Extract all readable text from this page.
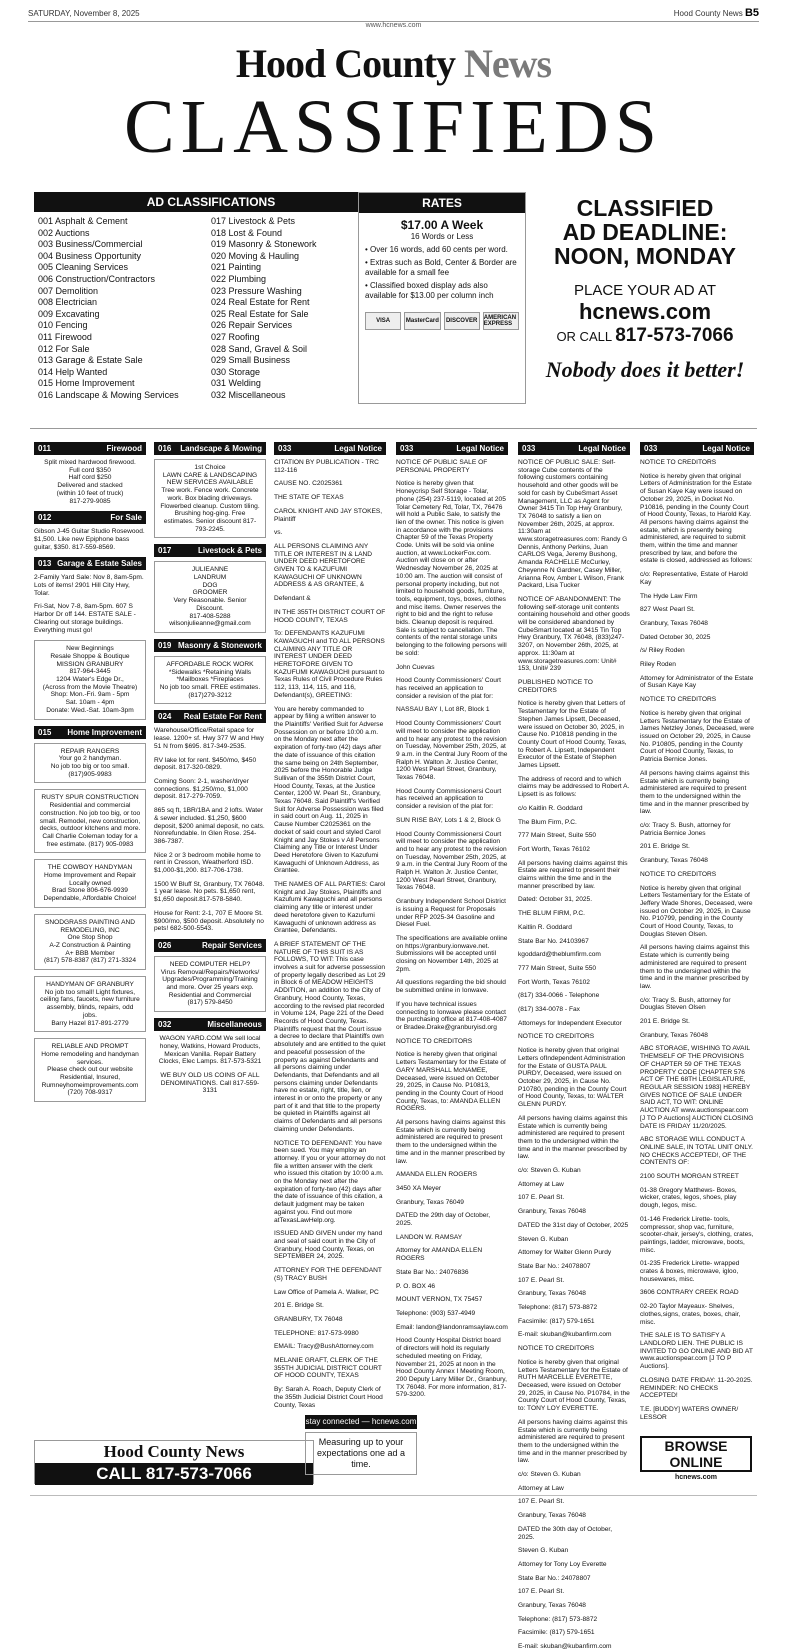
SATURDAY, November 8, 2025	Hood County News B5
www.hcnews.com
Hood County News
CLASSIFIEDS
AD CLASSIFICATIONS
001 Asphalt & Cement
002 Auctions
003 Business/Commercial
004 Business Opportunity
005 Cleaning Services
006 Construction/Contractors
007 Demolition
008 Electrician
009 Excavating
010 Fencing
011 Firewood
012 For Sale
013 Garage & Estate Sale
014 Help Wanted
015 Home Improvement
016 Landscape & Mowing Services
017 Livestock & Pets
018 Lost & Found
019 Masonry & Stonework
020 Moving & Hauling
021 Painting
022 Plumbing
023 Pressure Washing
024 Real Estate for Rent
025 Real Estate for Sale
026 Repair Services
027 Roofing
028 Sand, Gravel & Soil
029 Small Business
030 Storage
031 Welding
032 Miscellaneous
RATES
$17.00 A Week
16 Words or Less
• Over 16 words, add 60 cents per word.
• Extras such as Bold, Center & Border are available for a small fee
• Classified boxed display ads also available for $13.00 per column inch
VISA	MasterCard	DISCOVER	AMERICAN EXPRESS
CLASSIFIED
AD DEADLINE:
NOON, MONDAY
PLACE YOUR AD AT
hcnews.com
OR CALL 817-573-7066
Nobody does it better!
011	Firewood
Split mixed hardwood firewood.
Full cord $350
Half cord $250
Delivered and stacked
(within 10 feet of truck)
817-279-9085
012	For Sale
Gibson J-45 Guitar Studio Rosewood. $1,500. Like new Epiphone bass guitar, $350. 817-559-8569.
013 Garage & Estate Sales
2-Family Yard Sale: Nov 8, 8am-5pm. Lots of items! 2901 Hill City Hwy, Tolar.
Fri-Sat, Nov 7-8, 8am-5pm. 607 S Harbor Dr off 144. ESTATE SALE - Clearing out storage buildings. Everything must go!
New Beginnings
Resale Shoppe & Boutique
MISSION GRANBURY
817-964-3445
1204 Water's Edge Dr.,
(Across from the Movie Theatre)
Shop: Mon.-Fri. 9am - 5pm
Sat. 10am - 4pm
Donate: Wed.-Sat. 10am-3pm
015 Home Improvement
REPAIR RANGERS
Your go 2 handyman.
No job too big or too small.
(817)905-9983
RUSTY SPUR CONSTRUCTION
Residential and commercial construction. No job too big, or too small. Remodel, new construction, decks, outdoor kitchens and more. Call Charlie Coleman today for a free estimate. (817) 905-0983
THE COWBOY HANDYMAN
Home Improvement and Repair
Locally owned
Brad Stone 806-676-9939
Dependable, Affordable Choice!
SNODGRASS PAINTING AND REMODELING, INC
One Stop Shop
A-Z Construction & Painting
A+ BBB Member
(817) 578-8387 (817) 271-3324
HANDYMAN OF GRANBURY
No job too small! Light fixtures, ceiling fans, faucets, new furniture assembly, blinds, repairs, odd jobs.
Barry Hazel 817-891-2779
RELIABLE AND PROMPT
Home remodeling and handyman services.
Please check out our website
Residential, Insured,
Rumneyhomeimprovements.com
(720) 708-9317
016 Landscape & Mowing
1st Choice
LAWN CARE & LANDSCAPING
NEW SERVICES AVAILABLE
Tree work. Fence work. Concrete work. Box blading driveways. Flowerbed cleanup. Custom tiling. Brushing hog-ging. Free estimates. Senior discount 817-793-2245.
017	Livestock & Pets
JULIEANNE
LANDRUM
DOG
GROOMER
Very Reasonable. Senior Discount.
817-408-5288
wilsonjulieanne@gmail.com
019 Masonry & Stonework
AFFORDABLE ROCK WORK
*Sidewalks *Retaining Walls
*Mailboxes *Fireplaces
No job too small. FREE estimates.
(817)279-3212
024 Real Estate For Rent
Warehouse/Office/Retail space for lease. 1200+ sf. Hwy 377 W and Hwy 51 N from $695. 817-349-2535.
RV lake lot for rent. $450/mo, $450 deposit. 817-320-0829.
Coming Soon: 2-1, washer/dryer connections. $1,250/mo, $1,000 deposit. 817-279-7059.
865 sq ft, 1BR/1BA and 2 lofts. Water & sewer included. $1,250, $600 deposit, $200 animal deposit, no cats. Nonrefundable. In Glen Rose. 254-386-7387.
Nice 2 or 3 bedroom mobile home to rent in Cresson, Weatherford ISD. $1,000-$1,200. 817-706-1738.
1500 W Bluff St, Granbury, TX 76048. 1 year lease. No pets. $1,650 rent, $1,650 deposit.817-578-5840.
House for Rent: 2-1, 707 E Moore St. $900/mo, $500 deposit. Absolutely no pets! 682-500-5543.
026	Repair Services
NEED COMPUTER HELP?
Virus Removal/Repairs/Networks/ Upgrades/Programming/Training and more. Over 25 years exp.
Residential and Commercial
(817) 579-8450
032	Miscellaneous
WAGON YARD.COM We sell local honey, Watkins, Howard Products, Mexican Vanilla. Repair Battery Clocks, Elec Lamps. 817-573-5321
WE BUY OLD US COINS OF ALL DENOMINATIONS. Call 817-559-3131
033	Legal Notice
CITATION BY PUBLICATION - TRC 112-116
CAUSE NO. C2025361
THE STATE OF TEXAS
CAROL KNIGHT AND JAY STOKES, Plaintiff
vs.
ALL PERSONS CLAIMING ANY TITLE OR INTEREST IN & LAND UNDER DEED HERETOFORE GIVEN TO & KAZUFUMI KAWAGUCHI OF UNKNOWN ADDRESS & AS GRANTEE, &
Defendant &
IN THE 355TH DISTRICT COURT OF HOOD COUNTY, TEXAS
To: DEFENDANTS KAZUFUMI KAWAGUCHI and TO ALL PERSONS CLAIMING ANY TITLE OR INTEREST UNDER DEED HERETOFORE GIVEN TO KAZUFUMI KAWAGUCHI pursuant to Texas Rules of Civil Procedure Rules 112, 113, 114, 115, and 116, Defendant(s), GREETING:
You are hereby commanded to appear by filing a written answer to the Plaintiffs' Verified Suit for Adverse Possession on or before 10:00 a.m. on the Monday next after the expiration of forty-two (42) days after the date of issuance of this citation the same being on 24th September, 2025 before the Honorable Judge Sullivan of the 355th District Court, Hood County, Texas, at the Justice Center, 1200 W. Pearl St., Granbury, Texas 76048. Said Plaintiff's Verified Suit for Adverse Possession was filed in said court on Aug. 11, 2025 in Cause Number C2025361 on the docket of said court and styled Carol Knight and Jay Stokes v All Persons Claiming any Title or Interest Under Deed Heretofore Given to Kazufumi Kawaguchi of Unknown Address, as Grantee.
THE NAMES OF ALL PARTIES: Carol Knight and Jay Stokes, Plaintiffs and Kazufumi Kawaguchi and all persons claiming any title or interest under deed heretofore given to Kazufumi Kawaguchi of unknown address as Grantee, Defendants.
A BRIEF STATEMENT OF THE NATURE OF THIS SUIT IS AS FOLLOWS, TO WIT: This case involves a suit for adverse possession of property legally described as Lot 29 in Block 6 of MEADOW HEIGHTS ADDITION, an addition to the City of Granbury, Hood County, Texas, according to the revised plat recorded in Volume 124, Page 221 of the Deed Records of Hood County, Texas. Plaintiffs request that the Court issue a decree to declare that Plaintiffs own absolutely and are entitled to the quiet and peaceful possession of the property as against Defendants and all persons claiming under Defendants, that Defendants and all persons claiming under Defendants have no estate, right, title, lien, or interest in or onto the property or any part of it and that title to the property be quieted in Plaintiffs against all claims of Defendants and all persons claiming under Defendants.
NOTICE TO DEFENDANT: You have been sued. You may employ an attorney. If you or your attorney do not file a written answer with the clerk who issued this citation by 10:00 a.m. on the Monday next after the expiration of forty-two (42) days after the date of issuance of this citation, a default judgment may be taken against you. Find out more atTexasLawHelp.org.
ISSUED AND GIVEN under my hand and seal of said court in the City of Granbury, Hood County, Texas, on SEPTEMBER 24, 2025.
ATTORNEY FOR THE DEFENDANT (S) TRACY BUSH
Law Office of Pamela A. Walker, PC
201 E. Bridge St.
GRANBURY, TX 76048
TELEPHONE: 817-573-9980
EMAIL: Tracy@BushAttorney.com
MELANIE GRAFT, CLERK OF THE 355TH JUDICIAL DISTRICT COURT OF HOOD COUNTY, TEXAS
By: Sarah A. Roach, Deputy Clerk of the 355th Judicial District Court Hood County, Texas
033	Legal Notice
NOTICE OF PUBLIC SALE OF PERSONAL PROPERTY
Notice is hereby given that Honeycrisp Self Storage - Tolar, phone (254) 237-5119, located at 205 Tolar Cemetery Rd, Tolar, TX, 76476 will hold a Public Sale, to satisfy the lien of the owner. This notice is given in accordance with the provisions Chapter 59 of the Texas Property Code. Units will be sold via online auction, at www.LockerFox.com. Auction will close on or after Wednesday November 26, 2025 at 10:00 am. The auction will consist of personal property including, but not limited to household goods, furniture, tools, equipment, toys, boxes, clothes and misc items. Owner reserves the right to bid and the right to refuse bids. Cleanup deposit is required. Sale is subject to cancellation. The contents of the rental storage units belonging to the following persons will be sold:
John Cuevas
Hood County Commissioners' Court has received an application to consider a revision of the plat for:
NASSAU BAY I, Lot 8R, Block 1
Hood County Commissioners' Court will meet to consider the application and to hear any protest to the revision on Tuesday, November 25th, 2025, at 9 a.m. in the Central Jury Room of the Ralph H. Walton Jr. Justice Center, 1200 West Pearl Street, Granbury, Texas 76048.
Hood County Commissionersi Court has received an application to consider a revision of the plat for:
SUN RISE BAY, Lots 1 & 2, Block G
Hood County Commissionersi Court will meet to consider the application and to hear any protest to the revision on Tuesday, November 25th, 2025, at 9 a.m. in the Central Jury Room of the Ralph H. Walton Jr. Justice Center, 1200 West Pearl Street, Granbury, Texas 76048.
Granbury Independent School District is issuing a Request for Proposals under RFP 2025-34 Gasoline and Diesel Fuel.
The specifications are available online on https://granbury.ionwave.net. Submissions will be accepted until closing on November 14th, 2025 at 2pm.
All questions regarding the bid should be submitted online in Ionwave.
If you have technical issues connecting to Ionwave please contact the purchasing office at 817-408-4087 or Bradee.Drake@granburyisd.org
NOTICE TO CREDITORS
Notice is hereby given that original Letters Testamentary for the Estate of GARY MARSHALL McNAMEE, Deceased, were issued on October 29, 2025, in Cause No. P10813, pending in the County Court of Hood County, Texas, to: AMANDA ELLEN ROGERS.
All persons having claims against this Estate which is currently being administered are required to present them to the undersigned within the time and in the manner prescribed by law.
AMANDA ELLEN ROGERS
3450 XA Meyer
Granbury, Texas 76049
DATED the 29th day of October, 2025.
LANDON W. RAMSAY
Attorney for AMANDA ELLEN ROGERS
State Bar No.: 24076836
P. O. BOX 46
MOUNT VERNON, TX 75457
Telephone: (903) 537-4949
Email: landon@landonramsaylaw.com
Hood County Hospital District board of directors will hold its regularly scheduled meeting on Friday, November 21, 2025 at noon in the Hood County Annex I Meeting Room, 200 Deputy Larry Miller Dr., Granbury, TX 76048. For more information, 817-579-3200.
033	Legal Notice
NOTICE OF PUBLIC SALE: Self-storage Cube contents of the following customers containing household and other goods will be sold for cash by CubeSmart Asset Management, LLC as Agent for Owner 3415 Tin Top Hwy Granbury, TX 76048 to satisfy a lien on November 26th, 2025, at approx. 11:30am at www.storagetreasures.com: Randy G Dennis, Anthony Perkins, Juan CARLOS Vega, Jeremy Bushong, Amanda RACHELLE McCurley, Cheyenne N Gardner, Casey Miller, Arianna Rov, Amber L Wilson, Frank Packard, Lisa Tucker
NOTICE OF ABANDONMENT: The following self-storage unit contents containing household and other goods will be considered abandoned by CubeSmart located at 3415 Tin Top Hwy Granbury, TX 76048, (833)247-3207, on November 26th, 2025, at approx. 11:30am at www.storagetreasures.com: Unit# 153, Unit# 239
PUBLISHED NOTICE TO CREDITORS
Notice is hereby given that Letters of Testamentary for the Estate of Stephen James Lipsett, Deceased, were issued on October 30, 2025, in Cause No. P10818 pending in the County Court of Hood County, Texas, to Robert A. Lipsett, Independent Executor of the Estate of Stephen James Lipsett.
The address of record and to which claims may be addressed to Robert A. Lipsett is as follows:
c/o Kaitlin R. Goddard
The Blum Firm, P.C.
777 Main Street, Suite 550
Fort Worth, Texas 76102
All persons having claims against this Estate are required to present their claims within the time and in the manner prescribed by law.
Dated: October 31, 2025.
THE BLUM FIRM, P.C.
Kaitlin R. Goddard
State Bar No. 24103967
kgoddard@theblumfirm.com
777 Main Street, Suite 550
Fort Worth, Texas 76102
(817) 334-0066 - Telephone
(817) 334-0078 - Fax
Attorneys for Independent Executor
NOTICE TO CREDITORS
Notice is hereby given that original Letters ofIndependent Administration for the Estate of GUSTA PAUL PURDY, Deceased, were issued on October 29, 2025, in Cause No. P10780, pending in the County Court of Hood County, Texas, to: WALTER GLENN PURDY.
All persons having claims against this Estate which is currently being administered are required to present them to the undersigned within the time and in the manner prescribed by law.
c/o: Steven G. Kuban
Attorney at Law
107 E. Pearl St.
Granbury, Texas 76048
DATED the 31st day of October, 2025
Steven G. Kuban
Attorney for Walter Glenn Purdy
State Bar No.: 24078807
107 E. Pearl St.
Granbury, Texas 76048
Telephone: (817) 573-8872
Facsimile: (817) 579-1651
E-mail: skuban@kubanfirm.com
NOTICE TO CREDITORS
Notice is hereby given that original Letters Testamentary for the Estate of RUTH MARCELLE EVERETTE, Deceased, were issued on October 29, 2025, in Cause No. P10784, in the County Court of Hood County, Texas, to: TONY LOY EVERETTE.
All persons having claims against this Estate which is currently being administered are required to present them to the undersigned within the time and in the manner prescribed by law.
c/o: Steven G. Kuban
Attorney at Law
107 E. Pearl St.
Granbury, Texas 76048
DATED the 30th day of October, 2025.
Steven G. Kuban
Attorney for Tony Loy Everette
State Bar No.: 24078807
107 E. Pearl St.
Granbury, Texas 76048
Telephone: (817) 573-8872
Facsimile: (817) 579-1651
E-mail: skuban@kubanfirm.com
033	Legal Notice
NOTICE TO CREDITORS
Notice is hereby given that original Letters of Administration for the Estate of Susan Kaye Kay were issued on October 29, 2025, in Docket No. P10816, pending in the County Court of Hood County, Texas, to Harold Kay. All persons having claims against the estate, which is presently being administered, are required to submit them, within the time and manner prescribed by law, and before the estate is closed, addressed as follows:
c/o: Representative, Estate of Harold Kay
The Hyde Law Firm
827 West Pearl St.
Granbury, Texas 76048
Dated October 30, 2025
/s/ Riley Roden
Riley Roden
Attorney for Administrator of the Estate of Susan Kaye Kay
NOTICE TO CREDITORS
Notice is hereby given that original Letters Testamentary for the Estate of James Netzley Jones, Deceased, were issued on October 29, 2025, in Cause No. P10805, pending in the County Court of Hood County, Texas, to Patricia Bernice Jones.
All persons having claims against this Estate which is currently being administered are required to present them to the undersigned within the time and in the manner prescribed by law.
c/o: Tracy S. Bush, attorney for Patricia Bernice Jones
201 E. Bridge St.
Granbury, Texas 76048
NOTICE TO CREDITORS
Notice is hereby given that original Letters Testamentary for the Estate of Jeffery Wade Shores, Deceased, were issued on October 29, 2025, in Cause No. P10799, pending in the County Court of Hood County, Texas, to Douglas Steven Olsen.
All persons having claims against this Estate which is currently being administered are required to present them to the undersigned within the time and in the manner prescribed by law.
c/o: Tracy S. Bush, attorney for Douglas Steven Olsen
201 E. Bridge St.
Granbury, Texas 76048
ABC STORAGE, WISHING TO AVAIL THEMSELF OF THE PROVISIONS OF CHAPTER 59 OF THE TEXAS PROPERTY CODE [CHAPTER 576 ACT OF THE 68TH LEGISLATURE, REGULAR SESSION 1983] HEREBY GIVES NOTICE OF SALE UNDER SAID ACT, TO WIT: ONLINE AUCTION AT www.auctionspear.com [J TO P Auctions] AUCTION CLOSING DATE IS FRIDAY 11/20/2025.
ABC STORAGE WILL CONDUCT A ONLINE SALE, IN TOTAL UNIT ONLY. NO CHECKS ACCEPTED!, OF THE CONTENTS OF:
2100 SOUTH MORGAN STREET
01-38 Gregory Matthews- Boxes, wicker, crates, legos, shoes, play dough, legos, misc.
01-146 Frederick Lirette- tools, compressor, shop vac, furniture, scooter-chair, jersey's, clothing, crates, paintings, ladder, microwave, boots, misc.
01-235 Frederick Lirette- wrapped crates & boxes, microwave, igloo, housewares, misc.
3606 CONTRARY CREEK ROAD
02-20 Taylor Mayeaux- Shelves, clothes,signs, crates, boxes, chair, misc.
THE SALE IS TO SATISFY A LANDLORD LIEN. THE PUBLIC IS INVITED TO GO ONLINE AND BID AT www.auctionspear.com [J TO P Auctions].
CLOSING DATE FRIDAY: 11-20-2025. REMINDER: NO CHECKS ACCEPTED!
T.E. [BUDDY] WATERS OWNER/ LESSOR
Hood County News
CALL 817-573-7066
stay connected — hcnews.com
Measuring up to your expectations one ad a time.
BROWSE ONLINE
hcnews.com
